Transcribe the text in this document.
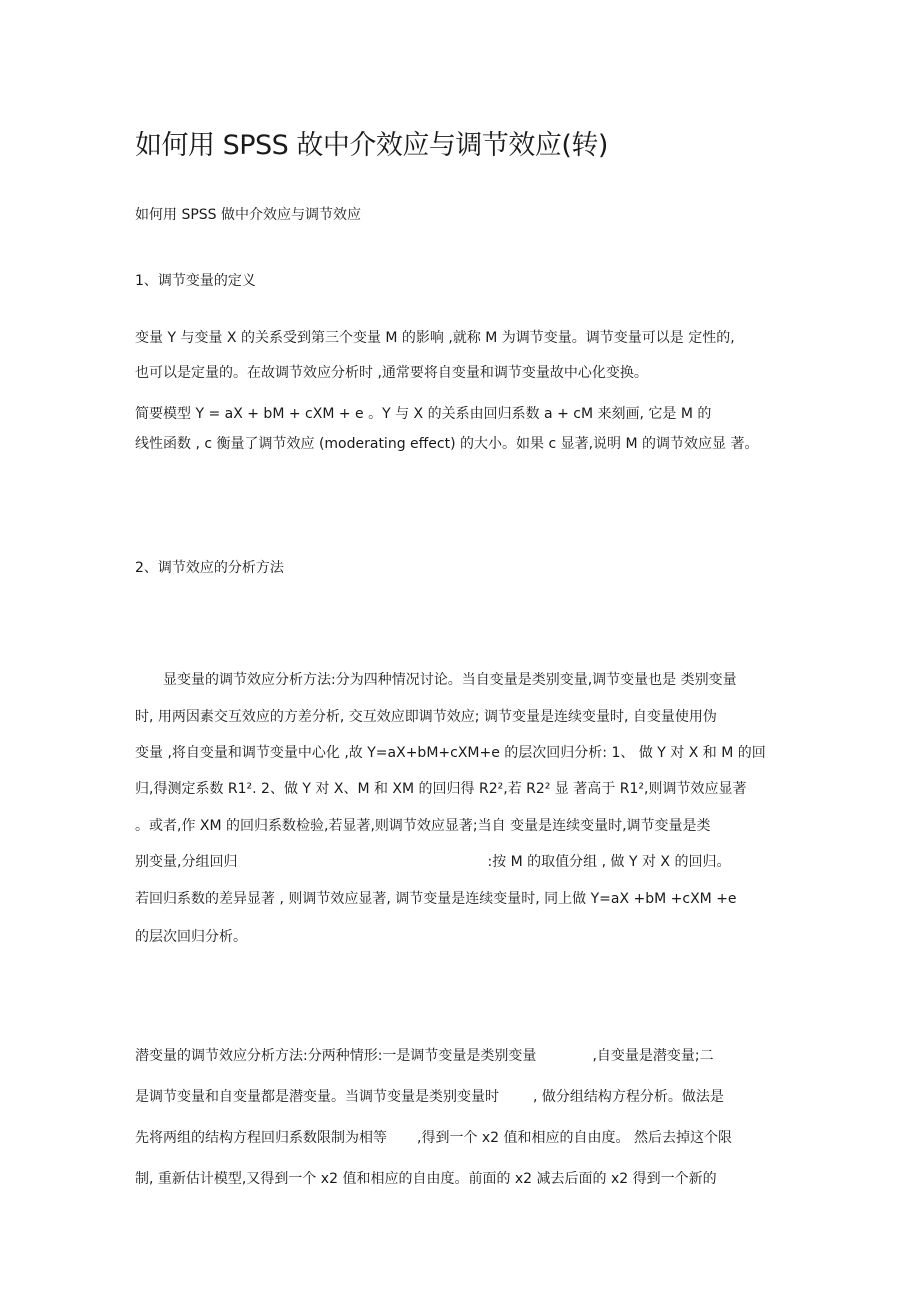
如何用 SPSS 故中介效应与调节效应(转)
如何用 SPSS 做中介效应与调节效应
1、调节变量的定义
变量 Y 与变量 X 的关系受到第三个变量 M 的影响 ,就称 M 为调节变量。调节变量可以是 定性的,
也可以是定量的。在故调节效应分析时 ,通常要将自变量和调节变量故中心化变换。
简要模型 Y = aX + bM + cXM + e 。Y 与 X 的关系由回归系数 a + cM 来刻画, 它是 M 的
线性函数 , c 衡量了调节效应 (moderating effect) 的大小。如果 c 显著,说明 M 的调节效应显 著。
2、调节效应的分析方法
显变量的调节效应分析方法:分为四种情况讨论。当自变量是类别变量,调节变量也是 类别变量
时, 用两因素交互效应的方差分析, 交互效应即调节效应; 调节变量是连续变量时, 自变量使用伪
变量 ,将自变量和调节变量中心化 ,故 Y=aX+bM+cXM+e 的层次回归分析: 1、 做 Y 对 X 和 M 的回
归,得测定系数 R1². 2、做 Y 对 X、M 和 XM 的回归得 R2²,若 R2² 显 著高于 R1²,则调节效应显著
。或者,作 XM 的回归系数检验,若显著,则调节效应显著;当自 变量是连续变量时,调节变量是类
别变量,分组回归	:按 M 的取值分组 , 做 Y 对 X 的回归。
若回归系数的差异显著 , 则调节效应显著, 调节变量是连续变量时, 同上做 Y=aX +bM +cXM +e
的层次回归分析。
潜变量的调节效应分析方法:分两种情形:一是调节变量是类别变量	,自变量是潜变量;二
是调节变量和自变量都是潜变量。当调节变量是类别变量时 , 做分组结构方程分析。做法是
先将两组的结构方程回归系数限制为相等 ,得到一个 x2 值和相应的自由度。 然后去掉这个限
制, 重新估计模型,又得到一个 x2 值和相应的自由度。前面的 x2 减去后面的 x2 得到一个新的
